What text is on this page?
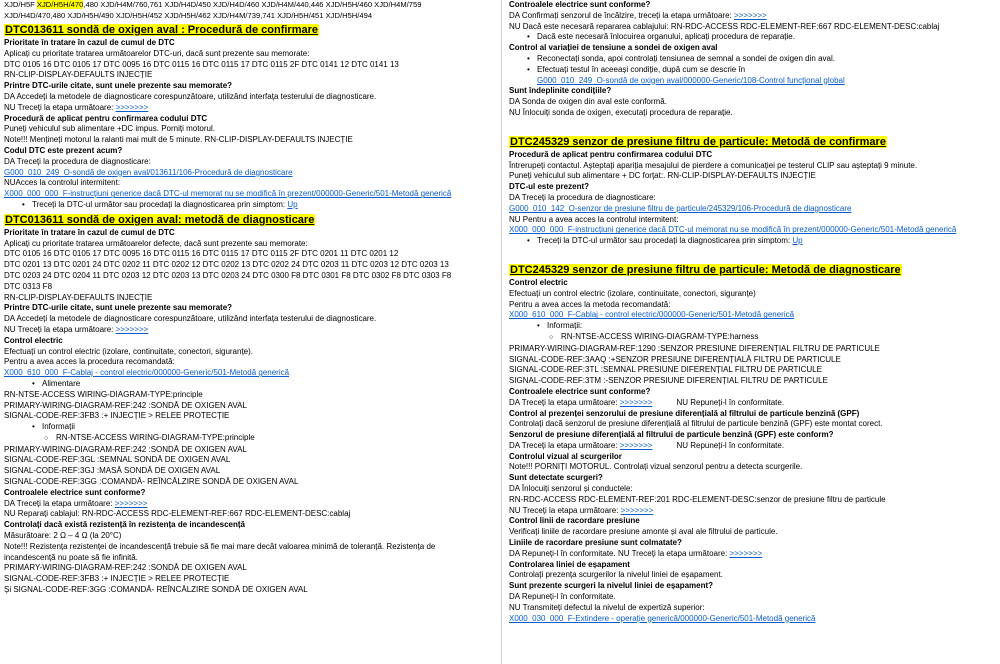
XJD/H5F XJD/H5H/470,480 XJD/H4M/760,761 XJD/H4D/450 XJD/H4D/460 XJD/H4M/440,446 XJD/H5H/460 XJD/H4M/759
XJD/H4D/470,480 XJD/H5H/490 XJD/H5H/452 XJD/H5H/462 XJD/H4M/739,741 XJD/H5H/451 XJD/H5H/494
DTC013611 sondă de oxigen aval : Procedură de confirmare
Prioritate în tratare în cazul de cumul de DTC
Aplicați cu prioritate tratarea următoarelor DTC-uri, dacă sunt prezente sau memorate:
DTC 0105 16 DTC 0105 17 DTC 0095 16 DTC 0115 16 DTC 0115 17 DTC 0115 2F DTC 0141 12 DTC 0141 13
RN-CLIP-DISPLAY-DEFAULTS INJECȚIE
Printre DTC-urile citate, sunt unele prezente sau memorate?
DA Accedeți la metodele de diagnosticare corespunzătoare, utilizând interfața testerului de diagnosticare.
NU Treceți la etapa următoare: >>>>>>>
Procedură de aplicat pentru confirmarea codului DTC
Puneți vehiculul sub alimentare +DC impus. Porniți motorul.
Note!!! Mențineți motorul la ralanti mai mult de 5 minute. RN-CLIP-DISPLAY-DEFAULTS INJECȚIE
Codul DTC este prezent acum?
DA Treceți la procedura de diagnosticare:
G000_010_249_O-sondă de oxigen aval/013611/106-Procedură de diagnosticare
NUAcces la controlul intermitent:
X000_000_000_F-instrucțiuni generice dacă DTC-ul memorat nu se modifică în prezent/000000-Generic/501-Metodă generică
• Treceți la DTC-ul următor sau procedați la diagnosticarea prin simptom: Up
DTC013611 sondă de oxigen aval: metodă de diagnosticare
Prioritate în tratare în cazul de cumul de DTC
Aplicați cu prioritate tratarea următoarelor defecte, dacă sunt prezente sau memorate:
DTC 0105 16 DTC 0105 17 DTC 0095 16 DTC 0115 16 DTC 0115 17 DTC 0115 2F DTC 0201 11 DTC 0201 12
DTC 0201 13 DTC 0201 24 DTC 0202 11 DTC 0202 12 DTC 0202 13 DTC 0202 24 DTC 0203 11 DTC 0203 12 DTC 0203 13
DTC 0203 24 DTC 0204 11 DTC 0203 12 DTC 0203 13 DTC 0203 24 DTC 0300 F8 DTC 0301 F8 DTC 0302 F8 DTC 0303 F8
DTC 0313 F8
RN-CLIP-DISPLAY-DEFAULTS INJECȚIE
Printre DTC-urile citate, sunt unele prezente sau memorate?
DA Accedeți la metodele de diagnosticare corespunzătoare, utilizând interfața testerului de diagnosticare.
NU Treceți la etapa următoare: >>>>>>>
Control electric
Efectuați un control electric (izolare, continuitate, conectori, siguranțe).
Pentru a avea acces la procedura recomandată:
X000_610_000_F-Cablaj - control electric/000000-Generic/501-Metodă generică
• Alimentare
RN-NTSE-ACCESS WIRING-DIAGRAM-TYPE:principle
PRIMARY-WIRING-DIAGRAM-REF:242 :SONDĂ DE OXIGEN AVAL
SIGNAL-CODE-REF:3FB3 :+ INJECȚIE > RELEE PROTECȚIE
• Informații
○ RN-NTSE-ACCESS WIRING-DIAGRAM-TYPE:principle
PRIMARY-WIRING-DIAGRAM-REF:242 :SONDĂ DE OXIGEN AVAL
SIGNAL-CODE-REF:3GL :SEMNAL SONDĂ DE OXIGEN AVAL
SIGNAL-CODE-REF:3GJ :MASĂ SONDĂ DE OXIGEN AVAL
SIGNAL-CODE-REF:3GG :COMANDĂ- REÎNCĂLZIRE SONDĂ DE OXIGEN AVAL
Controalele electrice sunt conforme?
DA Treceți la etapa următoare: >>>>>>>
NU Reparați cablajul: RN-RDC-ACCESS RDC-ELEMENT-REF:667 RDC-ELEMENT-DESC:cablaj
Controlați dacă există rezistență în rezistența de incandescență
Măsurătoare: 2 Ω – 4 Ω (la 20°C)
Note!!! Rezistența rezistenței de incandescență trebuie să fie mai mare decât valoarea minimă de toleranță. Rezistența de
incandescență nu poate să fie infinită.
PRIMARY-WIRING-DIAGRAM-REF:242 :SONDĂ DE OXIGEN AVAL
SIGNAL-CODE-REF:3FB3 :+ INJECȚIE > RELEE PROTECȚIE
Și SIGNAL-CODE-REF:3GG :COMANDĂ- REÎNCĂLZIRE SONDĂ DE OXIGEN AVAL
Controalele electrice sunt conforme?
DA Confirmați senzorul de încălzire, treceți la etapa următoare: >>>>>>>
NU Dacă este necesară repararea cablajului: RN-RDC-ACCESS RDC-ELEMENT-REF:667 RDC-ELEMENT-DESC:cablaj
• Dacă este necesară înlocuirea organului, aplicați procedura de reparație.
Control al variației de tensiune a sondei de oxigen aval
• Reconectați sonda, apoi controlați tensiunea de semnal a sondei de oxigen din aval.
• Efectuați testul în aceeași condiție, după cum se descrie în
G000_010_249_O-sondă de oxigen aval/000000-Generic/108-Control funcțional global
Sunt îndeplinite condițiile?
DA Sonda de oxigen din aval este conformă.
NU Înlocuiți sonda de oxigen, executați procedura de reparație.
DTC245329 senzor de presiune filtru de particule: Metodă de confirmare
Procedură de aplicat pentru confirmarea codului DTC
Întrerupeți contactul. Așteptați apariția mesajului de pierdere a comunicației pe testerul CLIP sau așteptați 9 minute.
Puneți vehiculul sub alimentare + DC forțat:. RN-CLIP-DISPLAY-DEFAULTS INJECȚIE
DTC-ul este prezent?
DA Treceți la procedura de diagnosticare:
G000_010_142_O-senzor de presiune filtru de particule/245329/106-Procedură de diagnosticare
NU Pentru a avea acces la controlul intermitent:
X000_000_000_F-instrucțiuni generice dacă DTC-ul memorat nu se modifică în prezent/000000-Generic/501-Metodă generică
• Treceți la DTC-ul următor sau procedați la diagnosticarea prin simptom: Up
DTC245329 senzor de presiune filtru de particule: Metodă de diagnosticare
Control electric
Efectuați un control electric (izolare, continuitate, conectori, siguranțe)
Pentru a avea acces la metoda recomandată:
X000_610_000_F-Cablaj - control electric/000000-Generic/501-Metodă generică
• Informații:
○ RN-NTSE-ACCESS WIRING-DIAGRAM-TYPE:harness
PRIMARY-WIRING-DIAGRAM-REF:1290 :SENZOR PRESIUNE DIFERENȚIAL FILTRU DE PARTICULE
SIGNAL-CODE-REF:3AAQ :+SENZOR PRESIUNE DIFERENȚIALĂ FILTRU DE PARTICULE
SIGNAL-CODE-REF:3TL :SEMNAL PRESIUNE DIFERENȚIAL FILTRU DE PARTICULE
SIGNAL-CODE-REF:3TM :-SENZOR PRESIUNE DIFERENȚIAL FILTRU DE PARTICULE
Controalele electrice sunt conforme?
DA Treceți la etapa următoare: >>>>>>>	NU Repuneți-l în conformitate.
Control al prezenței senzorului de presiune diferențială al filtrului de particule benzină (GPF)
Controlați dacă senzorul de presiune diferențială al filtrului de particule benzină (GPF) este montat corect.
Senzorul de presiune diferențială al filtrului de particule benzină (GPF) este conform?
DA Treceți la etapa următoare: >>>>>>>	NU Repuneți-l în conformitate.
Controlul vizual al scurgerilor
Note!!! PORNIȚI MOTORUL. Controlați vizual senzorul pentru a detecta scurgerile.
Sunt detectate scurgeri?
DA Înlocuiți senzorul și conductele:
RN-RDC-ACCESS RDC-ELEMENT-REF:201 RDC-ELEMENT-DESC:senzor de presiune filtru de particule
NU Treceți la etapa următoare: >>>>>>>
Control linii de racordare presiune
Verificați liniile de racordare presiune amonte și aval ale filtrului de particule.
Liniile de racordare presiune sunt colmatate?
DA Repuneți-l în conformitate. NU Treceți la etapa următoare: >>>>>>>
Controlarea liniei de eșapament
Controlați prezența scurgerilor la nivelul liniei de eșapament.
Sunt prezente scurgeri la nivelul liniei de eșapament?
DA Repuneți-l în conformitate.
NU Transmiteți defectul la nivelul de expertiză superior:
X000_030_000_F-Extindere - operație generică/000000-Generic/501-Metodă generică
